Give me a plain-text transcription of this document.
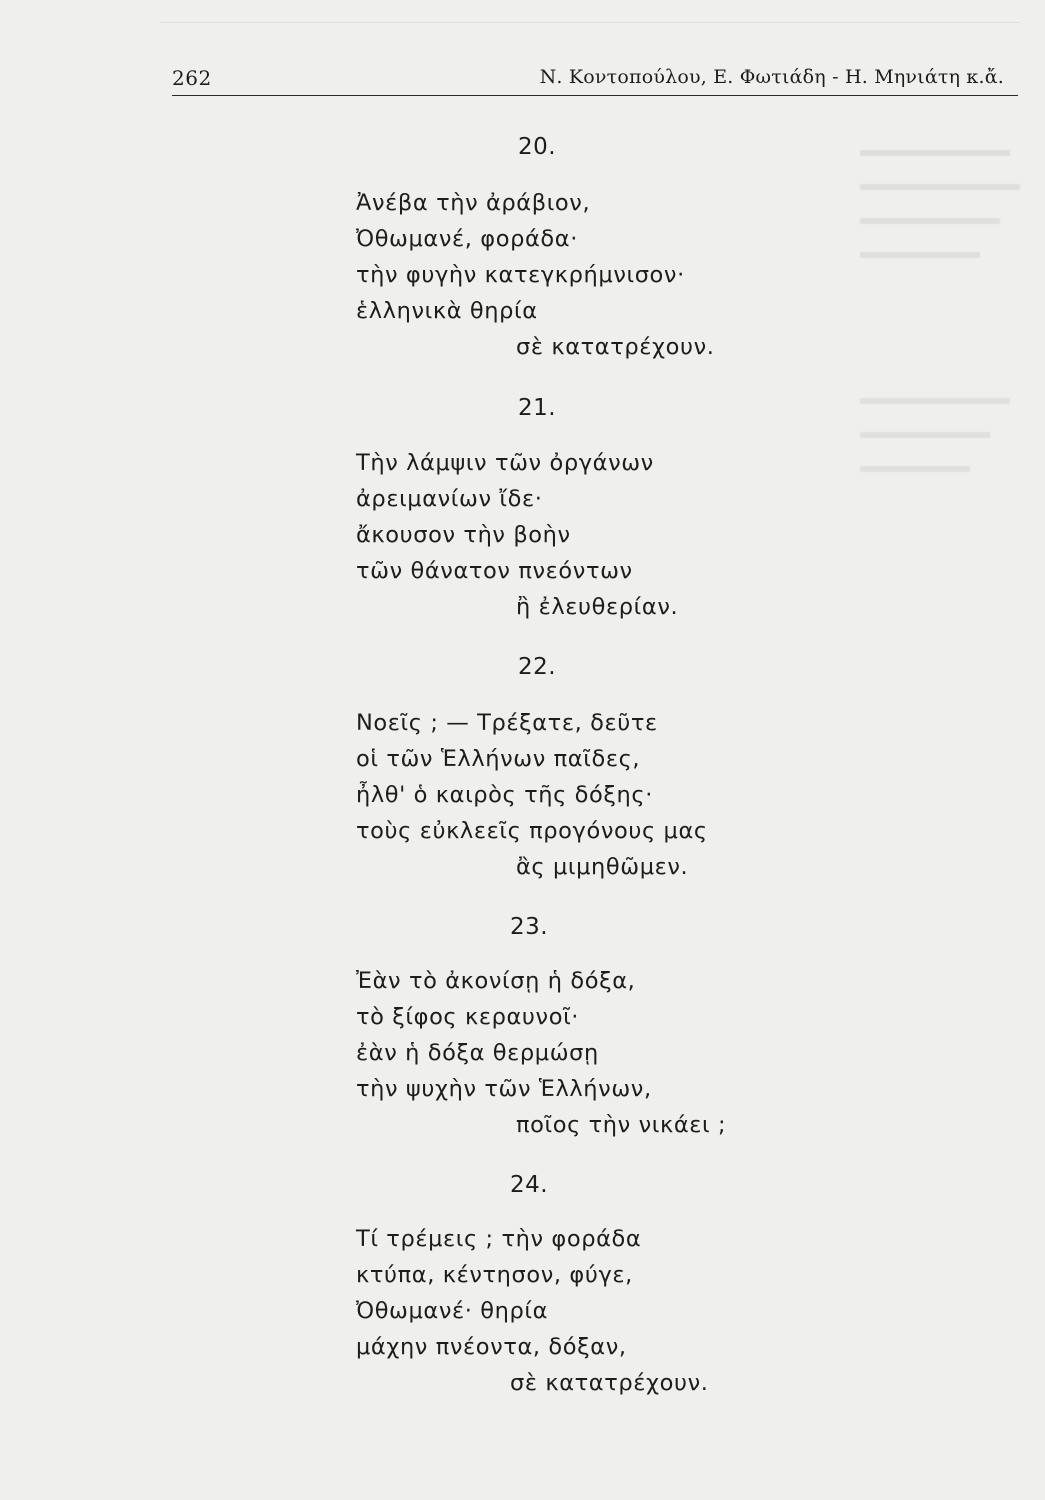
262	Ν. Κοντοπούλου, Ε. Φωτιάδη - Η. Μηνιάτη κ.ἄ.
20.
Ἀνέβα τὴν ἀράβιον,
Ὀθωμανέ, φοράδα·
τὴν φυγὴν κατεγκρήμνισον·
ἑλληνικὰ θηρία
σὲ κατατρέχουν.
21.
Τὴν λάμψιν τῶν ὀργάνων
ἀρειμανίων ἴδε·
ἄκουσον τὴν βοὴν
τῶν θάνατον πνεόντων
ἢ ἐλευθερίαν.
22.
Νοεῖς ; — Τρέξατε, δεῦτε
οἱ τῶν Ἑλλήνων παῖδες,
ἦλθ' ὁ καιρὸς τῆς δόξης·
τοὺς εὐκλεεῖς προγόνους μας
ἂς μιμηθῶμεν.
23.
Ἐὰν τὸ ἀκονίσῃ ἡ δόξα,
τὸ ξίφος κεραυνοῖ·
ἐὰν ἡ δόξα θερμώσῃ
τὴν ψυχὴν τῶν Ἑλλήνων,
ποῖος τὴν νικάει ;
24.
Τί τρέμεις ; τὴν φοράδα
κτύπα, κέντησον, φύγε,
Ὀθωμανέ· θηρία
μάχην πνέοντα, δόξαν,
σὲ κατατρέχουν.
